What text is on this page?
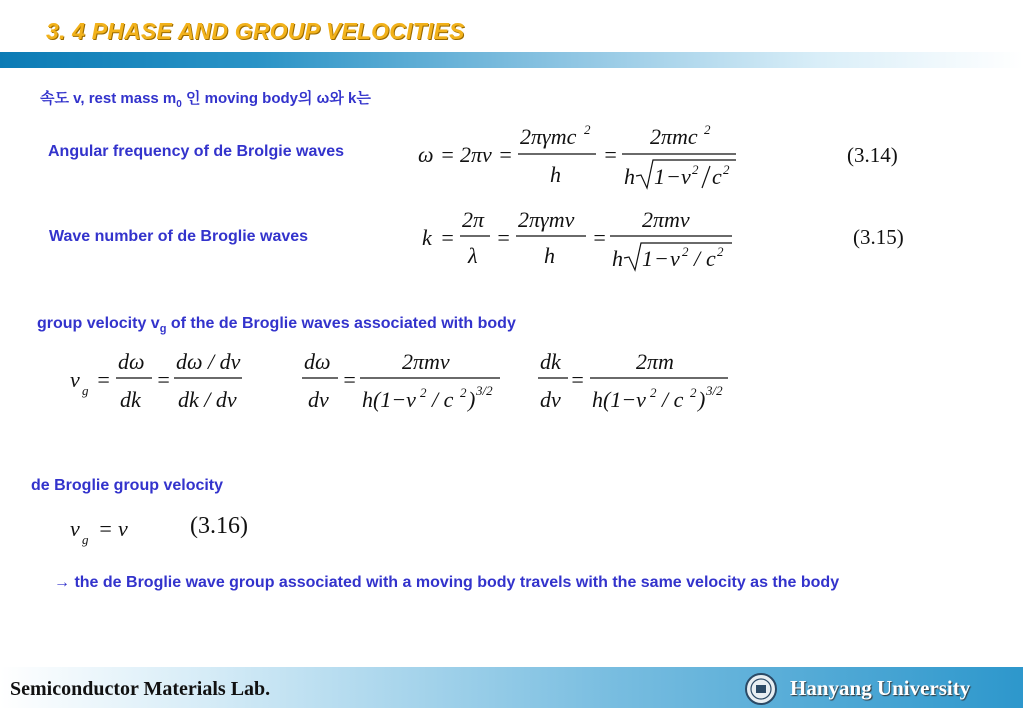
3. 4 PHASE AND GROUP VELOCITIES
속도 v, rest mass $m_0$ 인 moving body의 ω와 k는
Angular frequency of de Brolgie waves	ω = 2πν =
2πγmc 2
h
=
2πmc 2
h 1 − v 2 c 2
(3.14)
Wave number of de Broglie waves	k =
2π
λ
=
2πγmv
h
=
2πmv
h 1 − v 2 / c 2
(3.15)
group velocity $v_g$ of the de Broglie waves associated with body
v g =
dω
dk
=
dω / dv
dk / dv
dω
dv
=
2πmv
h(1−v 2 / c 2 ) 3/2
dk
dv
=
2πm
h(1−v 2 / c 2 ) 3/2
de Broglie group velocity
v g = v	(3.16)
→ the de Broglie wave group associated with a moving body travels with the same velocity as the body
Semiconductor Materials Lab.	Hanyang University
